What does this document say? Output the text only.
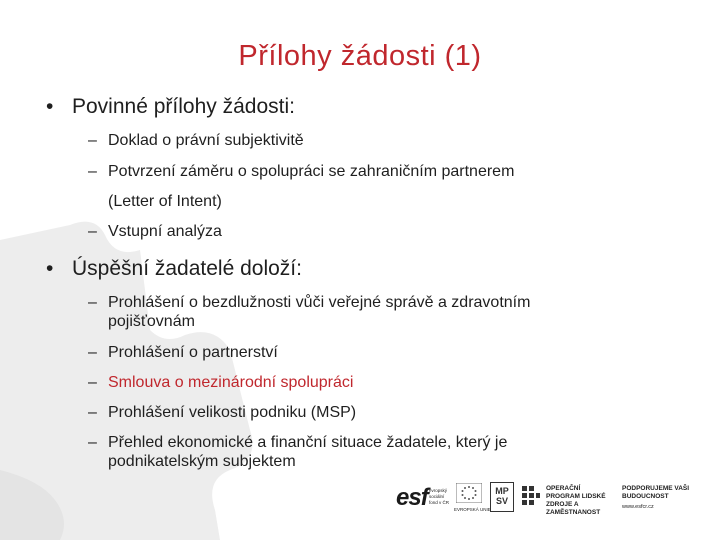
Přílohy žádosti (1)
• Povinné přílohy žádosti:
– Doklad o právní subjektivitě
– Potvrzení záměru o spolupráci se zahraničním partnerem
(Letter of Intent)
– Vstupní analýza
• Úspěšní žadatelé doloží:
– Prohlášení o bezdlužnosti vůči veřejné správě a zdravotním pojišťovnám
– Prohlášení o partnerství
– Smlouva o mezinárodní spolupráci
– Prohlášení velikosti podniku (MSP)
– Přehled ekonomické a finanční situace žadatele, který je podnikatelským subjektem
esf evropský sociální fond v ČR
EVROPSKÁ UNIE
MPSV
OPERAČNÍ PROGRAM LIDSKÉ ZDROJE A ZAMĚSTNANOST
PODPORUJEME VAŠI BUDOUCNOST
www.esfcr.cz
